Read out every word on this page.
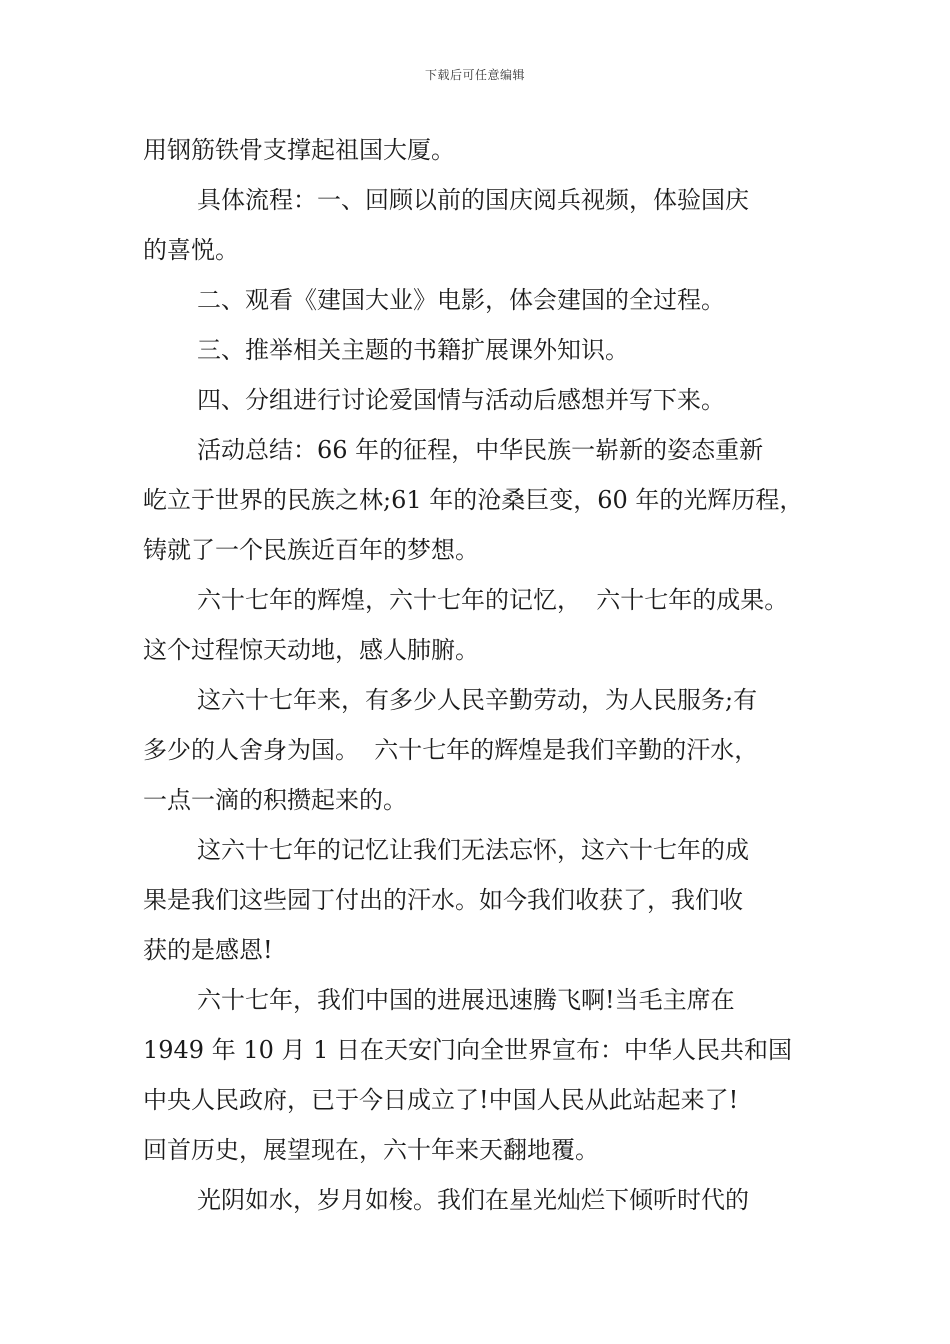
下载后可任意编辑
用钢筋铁骨支撑起祖国大厦。
具体流程：一、回顾以前的国庆阅兵视频，体验国庆
的喜悦。
二、观看《建国大业》电影，体会建国的全过程。
三、推举相关主题的书籍扩展课外知识。
四、分组进行讨论爱国情与活动后感想并写下来。
活动总结：66 年的征程，中华民族一崭新的姿态重新
屹立于世界的民族之林;61 年的沧桑巨变，60 年的光辉历程，
铸就了一个民族近百年的梦想。
六十七年的辉煌，六十七年的记忆，  六十七年的成果。
这个过程惊天动地，感人肺腑。
这六十七年来，有多少人民辛勤劳动，为人民服务;有
多少的人舍身为国。  六十七年的辉煌是我们辛勤的汗水，
一点一滴的积攒起来的。
这六十七年的记忆让我们无法忘怀，这六十七年的成
果是我们这些园丁付出的汗水。如今我们收获了，我们收
获的是感恩!
六十七年，我们中国的进展迅速腾飞啊!当毛主席在
1949 年 10 月 1 日在天安门向全世界宣布：中华人民共和国
中央人民政府，已于今日成立了!中国人民从此站起来了!
回首历史，展望现在，六十年来天翻地覆。
光阴如水，岁月如梭。我们在星光灿烂下倾听时代的
